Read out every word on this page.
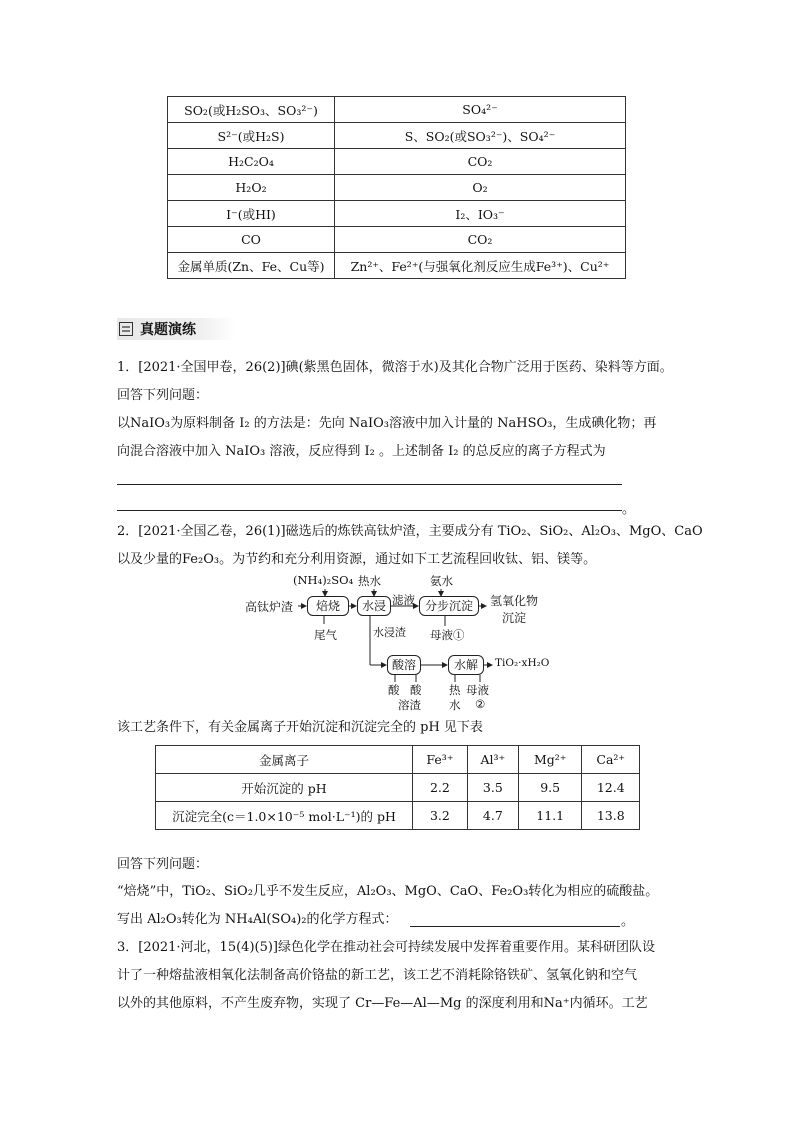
SO₂(或H₂SO₃、SO₃²⁻)	SO₄²⁻
S²⁻(或H₂S)	S、SO₂(或SO₃²⁻)、SO₄²⁻
H₂C₂O₄	CO₂
H₂O₂	O₂
I⁻(或HI)	I₂、IO₃⁻
CO	CO₂
金属单质(Zn、Fe、Cu等)	Zn²⁺、Fe²⁺(与强氧化剂反应生成Fe³⁺)、Cu²⁺
真题演练
1．[2021·全国甲卷，26(2)]碘(紫黑色固体，微溶于水)及其化合物广泛用于医药、染料等方面。
回答下列问题：
以NaIO₃为原料制备 I₂ 的方法是：先向 NaIO₃溶液中加入计量的 NaHSO₃，生成碘化物；再
向混合溶液中加入 NaIO₃ 溶液，反应得到 I₂ 。上述制备 I₂ 的总反应的离子方程式为
。
2．[2021·全国乙卷，26(1)]磁选后的炼铁高钛炉渣，主要成分有 TiO₂、SiO₂、Al₂O₃、MgO、CaO
以及少量的Fe₂O₃。为节约和充分利用资源，通过如下工艺流程回收钛、铝、镁等。
(NH₄)₂SO₄ 热水	氨水
高钛炉渣	焙烧	水浸 滤液 分步沉淀	氢氧化物
沉淀
尾气	水浸渣 母液①
酸溶	水解	TiO₂·xH₂O
酸 酸
溶渣
热
水
母液
②
该工艺条件下，有关金属离子开始沉淀和沉淀完全的 pH 见下表
金属离子	Fe³⁺	Al³⁺	Mg²⁺	Ca²⁺
开始沉淀的 pH	2.2	3.5	9.5	12.4
沉淀完全(c＝1.0×10⁻⁵ mol·L⁻¹)的 pH	3.2	4.7	11.1	13.8
回答下列问题：
“焙烧”中，TiO₂、SiO₂几乎不发生反应，Al₂O₃、MgO、CaO、Fe₂O₃转化为相应的硫酸盐。
写出 Al₂O₃转化为 NH₄Al(SO₄)₂的化学方程式：	。
3．[2021·河北，15(4)(5)]绿色化学在推动社会可持续发展中发挥着重要作用。某科研团队设
计了一种熔盐液相氧化法制备高价铬盐的新工艺，该工艺不消耗除铬铁矿、氢氧化钠和空气
以外的其他原料，不产生废弃物，实现了 Cr—Fe—Al—Mg 的深度利用和Na⁺内循环。工艺
